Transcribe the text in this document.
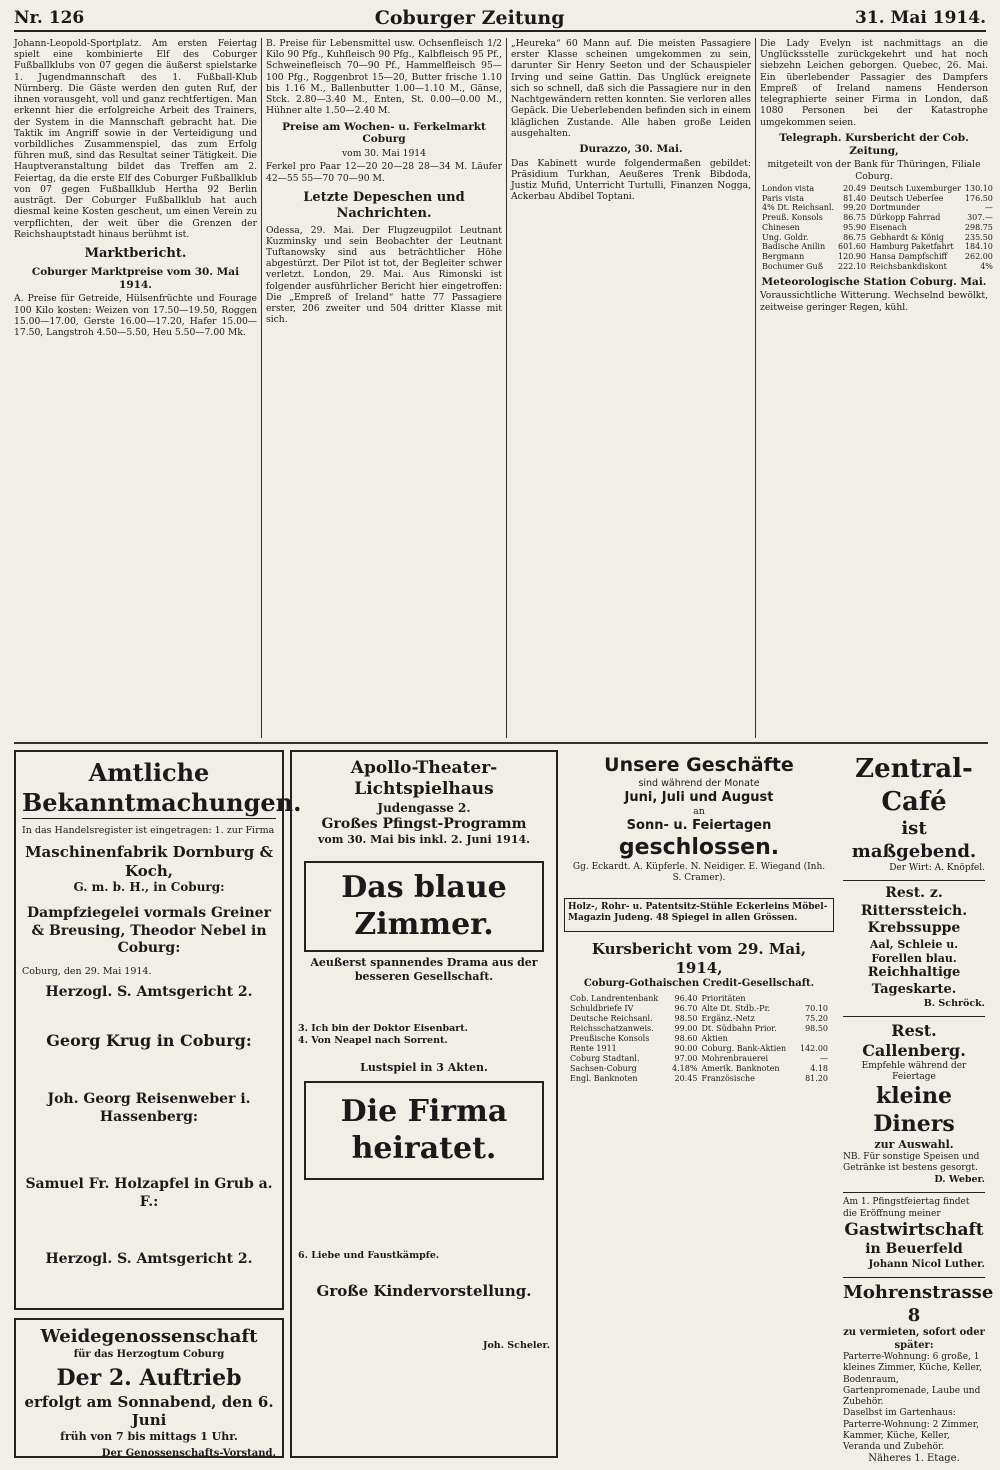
Nr. 126	Coburger Zeitung	31. Mai 1914.

Johann-Leopold-Sportplatz. Am ersten Feiertag spielt eine kombinierte Elf des Coburger Fußballklubs von 07 gegen die äußerst spielstarke 1. Jugendmannschaft des 1. Fußball-Klub Nürnberg. Die Gäste werden den guten Ruf, der ihnen vorausgeht, voll und ganz rechtfertigen. Man erkennt hier die erfolgreiche Arbeit des Trainers, der System in die Mannschaft gebracht hat. Die Taktik im Angriff sowie in der Verteidigung und vorbildliches Zusammenspiel, das zum Erfolg führen muß, sind das Resultat seiner Tätigkeit. Die Hauptveranstaltung bildet das Treffen am 2. Feiertag, da die erste Elf des Coburger Fußballklub von 07 gegen Fußballklub Hertha 92 Berlin austrägt. Der Coburger Fußballklub hat auch diesmal keine Kosten gescheut, um einen Verein zu verpflichten, der weit über die Grenzen der Reichshauptstadt hinaus berühmt ist.

Marktbericht.
Coburger Marktpreise vom 30. Mai 1914.

A. Preise für Getreide, Hülsenfrüchte und Fourage 100 Kilo kosten: Weizen von 17.50—19.50, Roggen 15.00—17.00, Gerste 16.00—17.20, Hafer 15.00—17.50, Langstroh 4.50—5.50, Heu 5.50—7.00 Mk.

B. Preise für Lebensmittel usw. Ochsenfleisch 1/2 Kilo 90 Pfg., Kuhfleisch 90 Pfg., Kalbfleisch 95 Pf., Schweinefleisch 70—90 Pf., Hammelfleisch 95—100 Pfg., Roggenbrot 15—20, Butter frische 1.10 bis 1.16 M., Ballenbutter 1.00—1.10 M., Gänse, Stck. 2.80—3.40 M., Enten, St. 0.00—0.00 M., Hühner alte 1.50—2.40 M.

Preise am Wochen- u. Ferkelmarkt Coburg

vom 30. Mai 1914

Ferkel pro Paar 12—20 20—28 28—34 M. Läufer 42—55 55—70 70—90 M.

Letzte Depeschen und Nachrichten.

Odessa, 29. Mai. Der Flugzeugpilot Leutnant Kuzminsky und sein Beobachter der Leutnant Tuftanowsky sind aus beträchtlicher Höhe abgestürzt. Der Pilot ist tot, der Begleiter schwer verletzt. London, 29. Mai. Aus Rimonski ist folgender ausführlicher Bericht hier eingetroffen: Die „Empreß of Ireland“ hatte 77 Passagiere erster, 206 zweiter und 504 dritter Klasse mit sich.

„Heureka“ 60 Mann auf. Die meisten Passagiere erster Klasse scheinen umgekommen zu sein, darunter Sir Henry Seeton und der Schauspieler Irving und seine Gattin. Das Unglück ereignete sich so schnell, daß sich die Passagiere nur in den Nachtgewändern retten konnten. Sie verloren alles Gepäck. Die Ueberlebenden befinden sich in einem kläglichen Zustande. Alle haben große Leiden ausgehalten.

Durazzo, 30. Mai.

Das Kabinett wurde folgendermaßen gebildet: Präsidium Turkhan, Aeußeres Trenk Bibdoda, Justiz Mufid, Unterricht Turtulli, Finanzen Nogga, Ackerbau Abdibel Toptani.

Die Lady Evelyn ist nachmittags an die Unglücksstelle zurückgekehrt und hat noch siebzehn Leichen geborgen. Quebec, 26. Mai. Ein überlebender Passagier des Dampfers Empreß of Ireland namens Henderson telegraphierte seiner Firma in London, daß 1080 Personen bei der Katastrophe umgekommen seien.

Telegraph. Kursbericht der Cob. Zeitung,

mitgeteilt von der Bank für Thüringen, Filiale Coburg.

London vista	20.49	Deutsch Luxemburger	130.10
Paris vista	81.40	Deutsch Ueberſee	176.50
4% Dt. Reichsanl.	99.20	Dortmunder	—
Preuß. Konsols	86.75	Dürkopp Fahrrad	307.—
Chinesen	95.90	Eisenach	298.75
Ung. Goldr.	86.75	Gebhardt & König	235.50
Badische Anilin	601.60	Hamburg Paketfahrt	184.10
Bergmann	120.90	Hansa Dampfschiff	262.00
Bochumer Guß	222.10	Reichsbankdiskont	4%
Meteorologische Station Coburg. Mai.

Voraussichtliche Witterung. Wechselnd bewölkt, zeitweise geringer Regen, kühl.

Amtliche Bekanntmachungen.

In das Handelsregister ist eingetragen: 1. zur Firma

Maschinenfabrik Dornburg & Koch,
G. m. b. H., in Coburg:
Dampfziegelei vormals Greiner & Breusing, Theodor Nebel in Coburg:

Coburg, den 29. Mai 1914.

Herzogl. S. Amtsgericht 2.
Georg Krug in Coburg:
Joh. Georg Reisenweber i. Hassenberg:
Samuel Fr. Holzapfel in Grub a. F.:
Herzogl. S. Amtsgericht 2.
Weidegenossenschaft
für das Herzogtum Coburg
Der 2. Auftrieb
erfolgt am Sonnabend, den 6. Juni
früh von 7 bis mittags 1 Uhr.
Der Genossenschafts-Vorstand.
Apollo-Theater-Lichtspielhaus
Judengasse 2.
Großes Pfingst-Programm
vom 30. Mai bis inkl. 2. Juni 1914.
Das blaue Zimmer.
Aeußerst spannendes Drama aus der besseren Gesellschaft.

3. Ich bin der Doktor Eisenbart.

4. Von Neapel nach Sorrent.

Lustspiel in 3 Akten.
Die Firma heiratet.

6. Liebe und Faustkämpfe.

Große Kindervorstellung.
Joh. Scheler.
Unsere Geschäfte
sind während der Monate
Juni, Juli und August
an
Sonn- u. Feiertagen
geschlossen.
Gg. Eckardt. A. Küpferle. N. Neidiger. E. Wiegand (Inh. S. Cramer).
Holz-, Rohr- u. Patentsitz-Stühle Eckerleins Möbel-Magazin Judeng. 48 Spiegel in allen Grössen.
Kursbericht vom 29. Mai, 1914,
Coburg-Gothaischen Credit-Gesellschaft.
Cob. Landrentenbank	96.40	Prioritäten	
Schuldbriefe IV	96.70	Alte Dt. Stdb.-Pr.	70.10
Deutsche Reichsanl.	98.50	Ergänz.-Netz	75.20
Reichsschatzanweis.	99.00	Dt. Südbahn Prior.	98.50
Preußische Konsols	98.60	Aktien	
Rente 1911	90.00	Coburg. Bank-Aktien	142.00
Coburg Stadtanl.	97.00	Mohrenbrauerei	—
Sachsen-Coburg	4.18%	Amerik. Banknoten	4.18
Engl. Banknoten	20.45	Französische	81.20
Zentral-Café
ist maßgebend.
Der Wirt: A. Knöpfel.
Rest. z. Ritterssteich.
Krebssuppe
Aal, Schleie u. Forellen blau.
Reichhaltige Tageskarte.
B. Schröck.
Rest. Callenberg.
Empfehle während der Feiertage
kleine Diners
zur Auswahl.

NB. Für sonstige Speisen und Getränke ist bestens gesorgt.

D. Weber.

Am 1. Pfingstfeiertag findet die Eröffnung meiner

Gastwirtschaft
in Beuerfeld
Johann Nicol Luther.
Mohrenstrasse 8
zu vermieten, sofort oder später:

Parterre-Wohnung: 6 große, 1 kleines Zimmer, Küche, Keller, Bodenraum, Gartenpromenade, Laube und Zubehör.

Daselbst im Gartenhaus: Parterre-Wohnung: 2 Zimmer, Kammer, Küche, Keller, Veranda und Zubehör.

Näheres 1. Etage.
